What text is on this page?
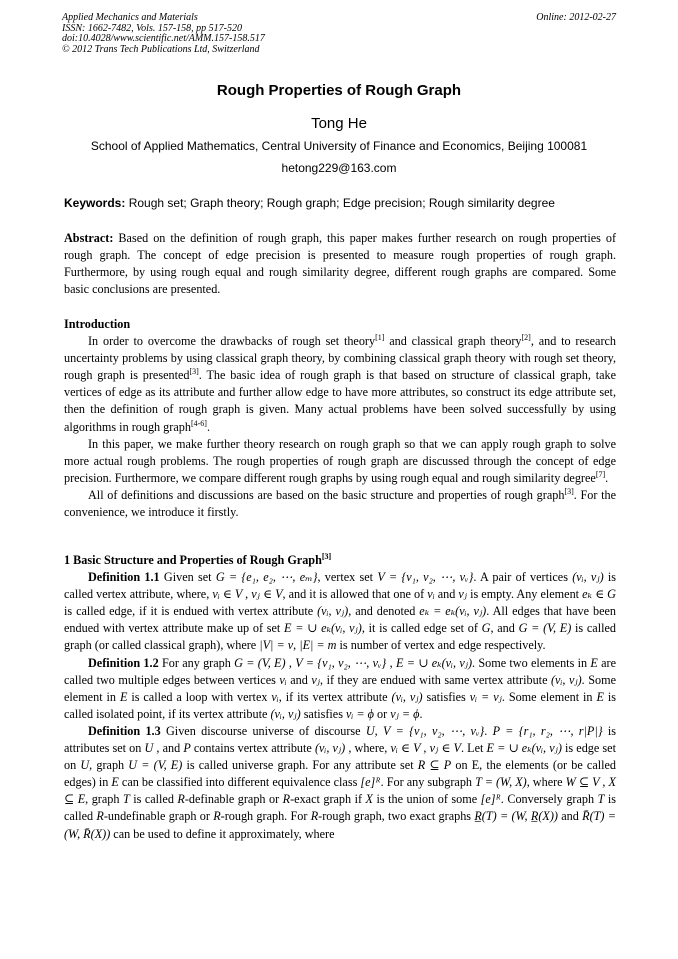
Applied Mechanics and Materials
ISSN: 1662-7482, Vols. 157-158, pp 517-520
doi:10.4028/www.scientific.net/AMM.157-158.517
© 2012 Trans Tech Publications Ltd, Switzerland
Online: 2012-02-27
Rough Properties of Rough Graph
Tong He
School of Applied Mathematics, Central University of Finance and Economics, Beijing 100081
hetong229@163.com
Keywords: Rough set; Graph theory; Rough graph; Edge precision; Rough similarity degree

Abstract: Based on the definition of rough graph, this paper makes further research on rough properties of rough graph. The concept of edge precision is presented to measure rough properties of rough graph. Furthermore, by using rough equal and rough similarity degree, different rough graphs are compared. Some basic conclusions are presented.

Introduction

In order to overcome the drawbacks of rough set theory[1] and classical graph theory[2], and to research uncertainty problems by using classical graph theory, by combining classical graph theory with rough set theory, rough graph is presented[3]. The basic idea of rough graph is that based on structure of classical graph, take vertices of edge as its attribute and further allow edge to have more attributes, so construct its edge attribute set, then the definition of rough graph is given. Many actual problems have been solved successfully by using algorithms in rough graph[4-6].

In this paper, we make further theory research on rough graph so that we can apply rough graph to solve more actual rough problems. The rough properties of rough graph are discussed through the concept of edge precision. Furthermore, we compare different rough graphs by using rough equal and rough similarity degree[7].

All of definitions and discussions are based on the basic structure and properties of rough graph[3]. For the convenience, we introduce it firstly.

1 Basic Structure and Properties of Rough Graph[3]

Definition 1.1 Given set G = {e₁, e₂, ⋯, eₘ}, vertex set V = {v₁, v₂, ⋯, vᵥ}. A pair of vertices (vᵢ, vⱼ) is called vertex attribute, where, vᵢ ∈ V , vⱼ ∈ V, and it is allowed that one of vᵢ and vⱼ is empty. Any element eₖ ∈ G is called edge, if it is endued with vertex attribute (vᵢ, vⱼ), and denoted eₖ = eₖ(vᵢ, vⱼ). All edges that have been endued with vertex attribute make up of set E = ∪ eₖ(vᵢ, vⱼ), it is called edge set of G, and G = (V, E) is called graph (or called classical graph), where |V| = ν, |E| = m is number of vertex and edge respectively.

Definition 1.2 For any graph G = (V, E) , V = {v₁, v₂, ⋯, vᵥ} , E = ∪ eₖ(vᵢ, vⱼ). Some two elements in E are called two multiple edges between vertices vᵢ and vⱼ, if they are endued with same vertex attribute (vᵢ, vⱼ). Some element in E is called a loop with vertex vᵢ, if its vertex attribute (vᵢ, vⱼ) satisfies vᵢ = vⱼ. Some element in E is called isolated point, if its vertex attribute (vᵢ, vⱼ) satisfies vᵢ = ϕ or vⱼ = ϕ.

Definition 1.3 Given discourse universe of discourse U, V = {v₁, v₂, ⋯, vᵥ}. P = {r₁, r₂, ⋯, r|P|} is attributes set on U , and P contains vertex attribute (vᵢ, vⱼ) , where, vᵢ ∈ V , vⱼ ∈ V. Let E = ∪ eₖ(vᵢ, vⱼ) is edge set on U, graph U = (V, E) is called universe graph. For any attribute set R ⊆ P on E, the elements (or be called edges) in E can be classified into different equivalence class [e]ᴿ. For any subgraph T = (W, X), where W ⊆ V , X ⊆ E, graph T is called R-definable graph or R-exact graph if X is the union of some [e]ᴿ. Conversely graph T is called R-undefinable graph or R-rough graph. For R-rough graph, two exact graphs R̲(T) = (W, R̲(X)) and R̄(T) = (W, R̄(X)) can be used to define it approximately, where
